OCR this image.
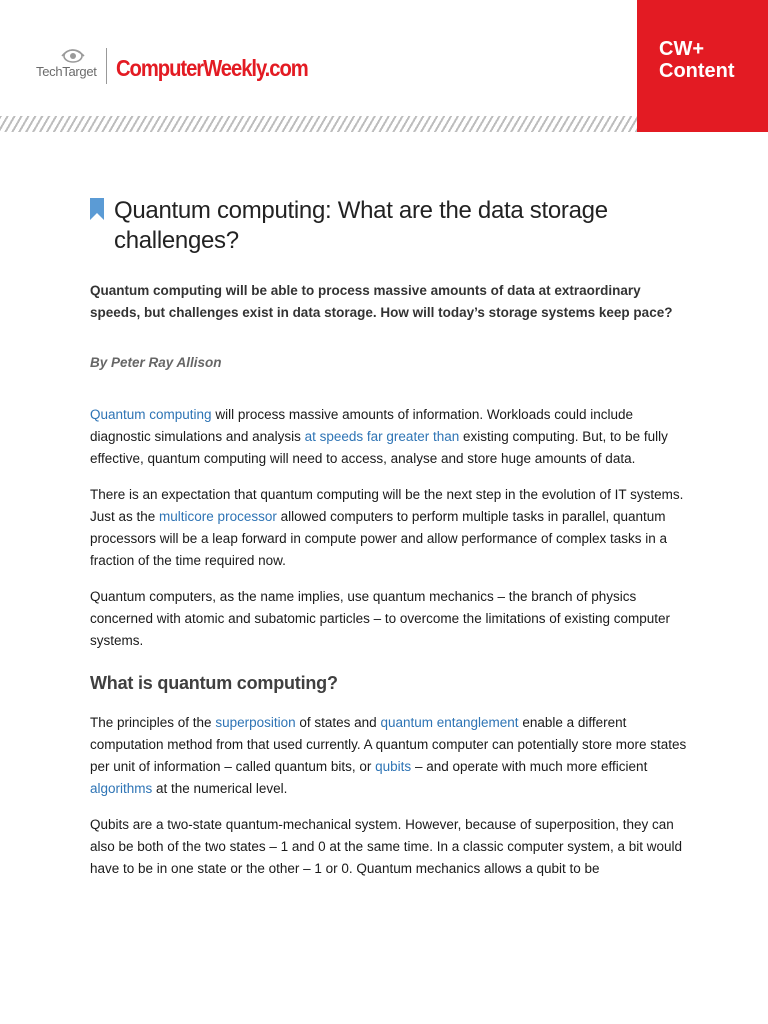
TechTarget ComputerWeekly.com
CW+
Content
Quantum computing: What are the data storage challenges?

Quantum computing will be able to process massive amounts of data at extraordinary speeds, but challenges exist in data storage. How will today’s storage systems keep pace?

By Peter Ray Allison

Quantum computing will process massive amounts of information. Workloads could include diagnostic simulations and analysis at speeds far greater than existing computing. But, to be fully effective, quantum computing will need to access, analyse and store huge amounts of data.

There is an expectation that quantum computing will be the next step in the evolution of IT systems. Just as the multicore processor allowed computers to perform multiple tasks in parallel, quantum processors will be a leap forward in compute power and allow performance of complex tasks in a fraction of the time required now.

Quantum computers, as the name implies, use quantum mechanics – the branch of physics concerned with atomic and subatomic particles – to overcome the limitations of existing computer systems.

What is quantum computing?

The principles of the superposition of states and quantum entanglement enable a different computation method from that used currently. A quantum computer can potentially store more states per unit of information – called quantum bits, or qubits – and operate with much more efficient algorithms at the numerical level.

Qubits are a two-state quantum-mechanical system. However, because of superposition, they can also be both of the two states – 1 and 0 at the same time. In a classic computer system, a bit would have to be in one state or the other – 1 or 0. Quantum mechanics allows a qubit to be
